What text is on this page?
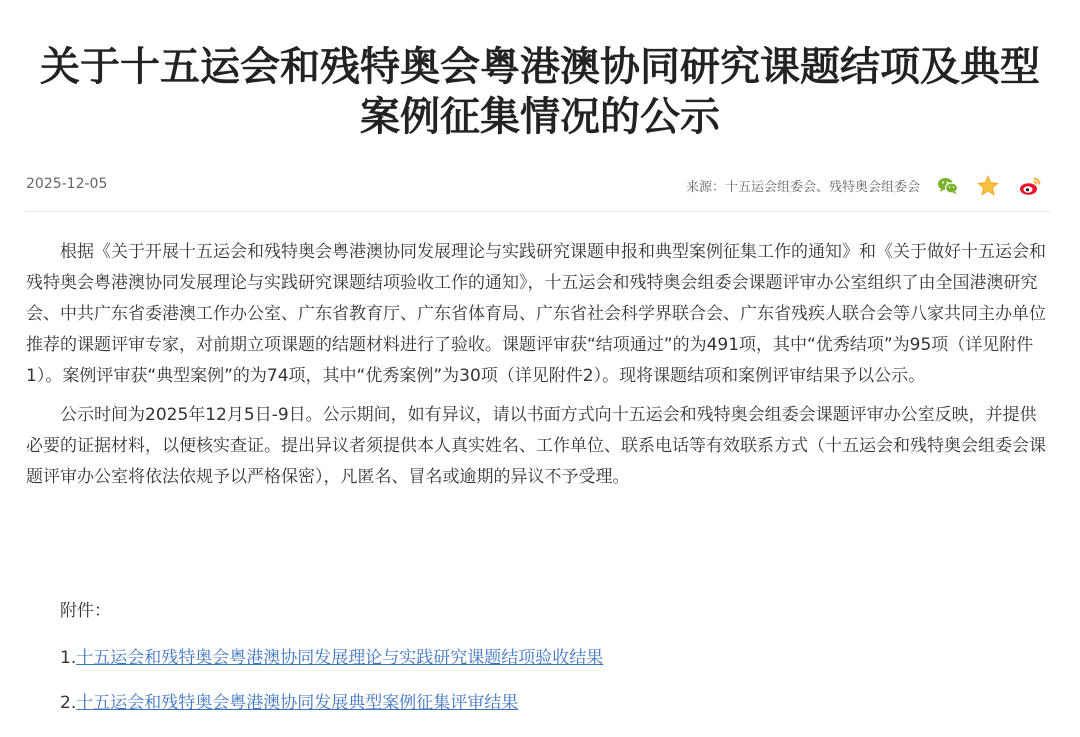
关于十五运会和残特奥会粤港澳协同研究课题结项及典型
案例征集情况的公示
2025-12-05	来源：十五运会组委会、残特奥会组委会

根据《关于开展十五运会和残特奥会粤港澳协同发展理论与实践研究课题申报和典型案例征集工作的通知》和《关于做好十五运会和残特奥会粤港澳协同发展理论与实践研究课题结项验收工作的通知》，十五运会和残特奥会组委会课题评审办公室组织了由全国港澳研究会、中共广东省委港澳工作办公室、广东省教育厅、广东省体育局、广东省社会科学界联合会、广东省残疾人联合会等八家共同主办单位推荐的课题评审专家，对前期立项课题的结题材料进行了验收。课题评审获“结项通过”的为491项，其中“优秀结项”为95项（详见附件1）。案例评审获“典型案例”的为74项，其中“优秀案例”为30项（详见附件2）。现将课题结项和案例评审结果予以公示。

公示时间为2025年12月5日-9日。公示期间，如有异议，请以书面方式向十五运会和残特奥会组委会课题评审办公室反映，并提供必要的证据材料，以便核实查证。提出异议者须提供本人真实姓名、工作单位、联系电话等有效联系方式（十五运会和残特奥会组委会课题评审办公室将依法依规予以严格保密），凡匿名、冒名或逾期的异议不予受理。

附件：
1.十五运会和残特奥会粤港澳协同发展理论与实践研究课题结项验收结果
2.十五运会和残特奥会粤港澳协同发展典型案例征集评审结果
